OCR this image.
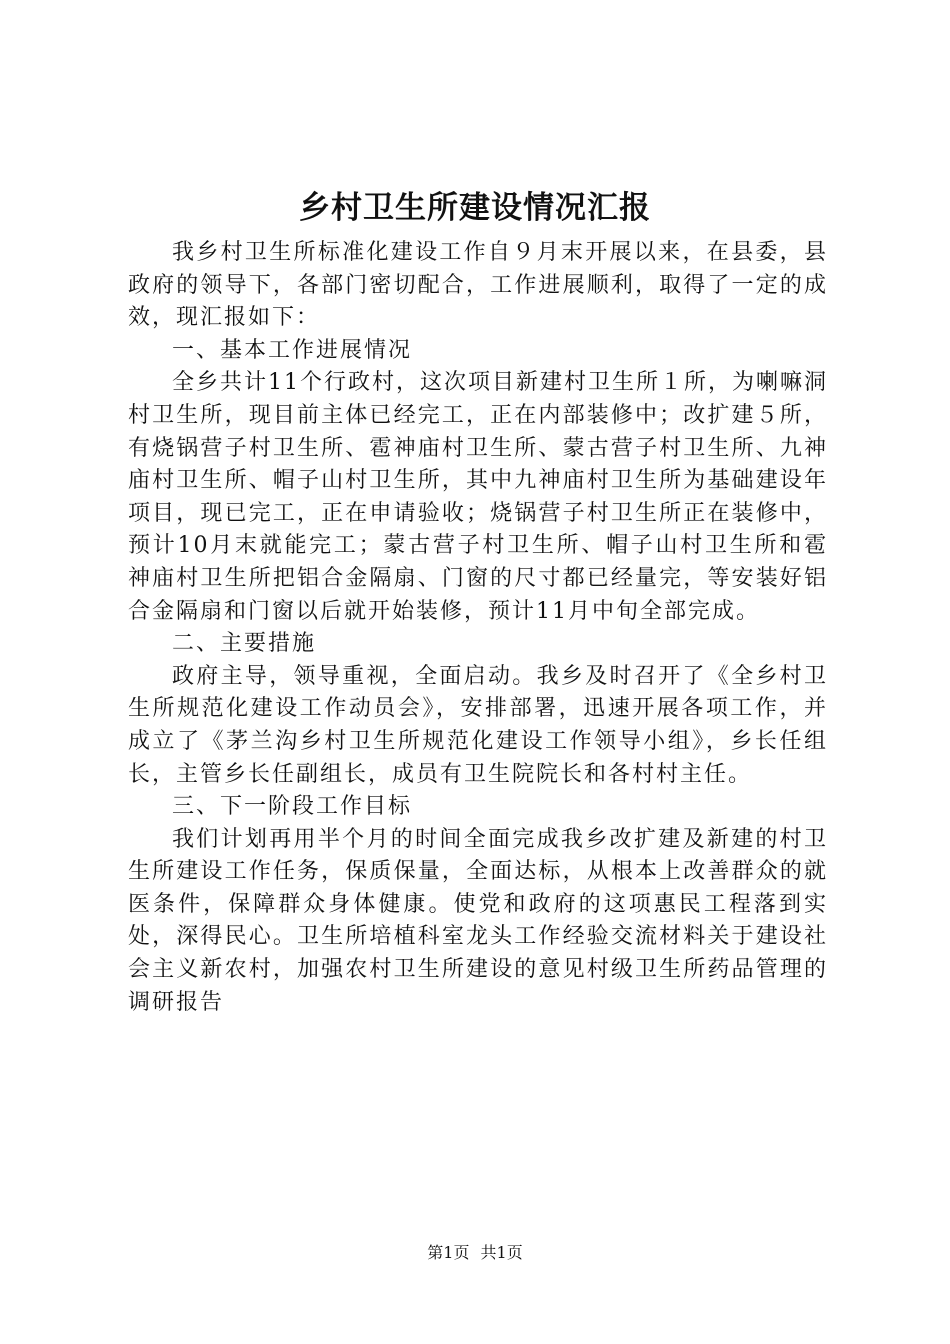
乡村卫生所建设情况汇报

我乡村卫生所标准化建设工作自９月末开展以来，在县委，县政府的领导下，各部门密切配合，工作进展顺利，取得了一定的成效，现汇报如下：

一、基本工作进展情况

全乡共计11个行政村，这次项目新建村卫生所１所，为喇嘛洞村卫生所，现目前主体已经完工，正在内部装修中；改扩建５所，有烧锅营子村卫生所、雹神庙村卫生所、蒙古营子村卫生所、九神庙村卫生所、帽子山村卫生所，其中九神庙村卫生所为基础建设年项目，现已完工，正在申请验收；烧锅营子村卫生所正在装修中，预计10月末就能完工；蒙古营子村卫生所、帽子山村卫生所和雹神庙村卫生所把铝合金隔扇、门窗的尺寸都已经量完，等安装好铝合金隔扇和门窗以后就开始装修，预计11月中旬全部完成。

二、主要措施

政府主导，领导重视，全面启动。我乡及时召开了《全乡村卫生所规范化建设工作动员会》，安排部署，迅速开展各项工作，并成立了《茅兰沟乡村卫生所规范化建设工作领导小组》，乡长任组长，主管乡长任副组长，成员有卫生院院长和各村村主任。

三、下一阶段工作目标

我们计划再用半个月的时间全面完成我乡改扩建及新建的村卫生所建设工作任务，保质保量，全面达标，从根本上改善群众的就医条件，保障群众身体健康。使党和政府的这项惠民工程落到实处，深得民心。卫生所培植科室龙头工作经验交流材料关于建设社会主义新农村，加强农村卫生所建设的意见村级卫生所药品管理的调研报告

第1页 共1页
